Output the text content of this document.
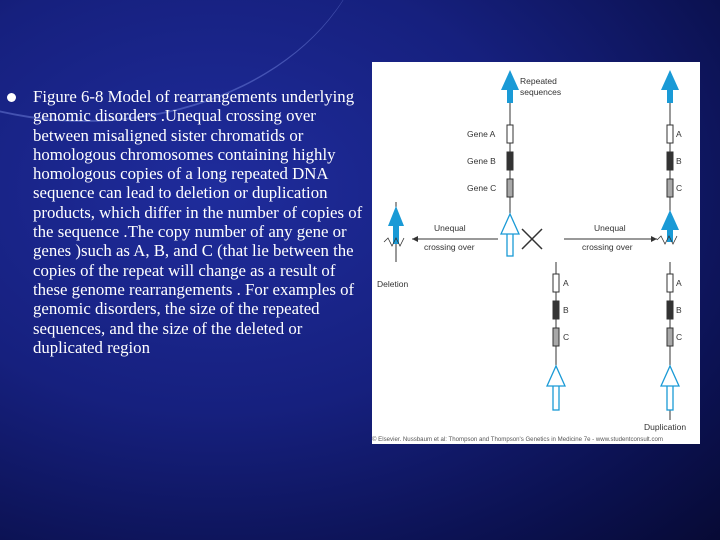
Figure 6-8 Model of rearrangements underlying genomic disorders .Unequal crossing over between misaligned sister chromatids or homologous chromosomes containing highly homologous copies of a long repeated DNA sequence can lead to deletion or duplication products, which differ in the number of copies of the sequence .The copy number of any gene or genes )such as A, B, and C (that lie between the copies of the repeat will change as a result of these genome rearrangements . For examples of genomic disorders, the size of the repeated sequences, and the size of the deleted or duplicated region

Repeated
sequences
Gene A
Gene B
Gene C
A
B
C
Unequal
crossing over
Unequal
crossing over
Deletion	A
B
C
A
B
C
Duplication
© Elsevier. Nussbaum et al: Thompson and Thompson's Genetics in Medicine 7e - www.studentconsult.com
